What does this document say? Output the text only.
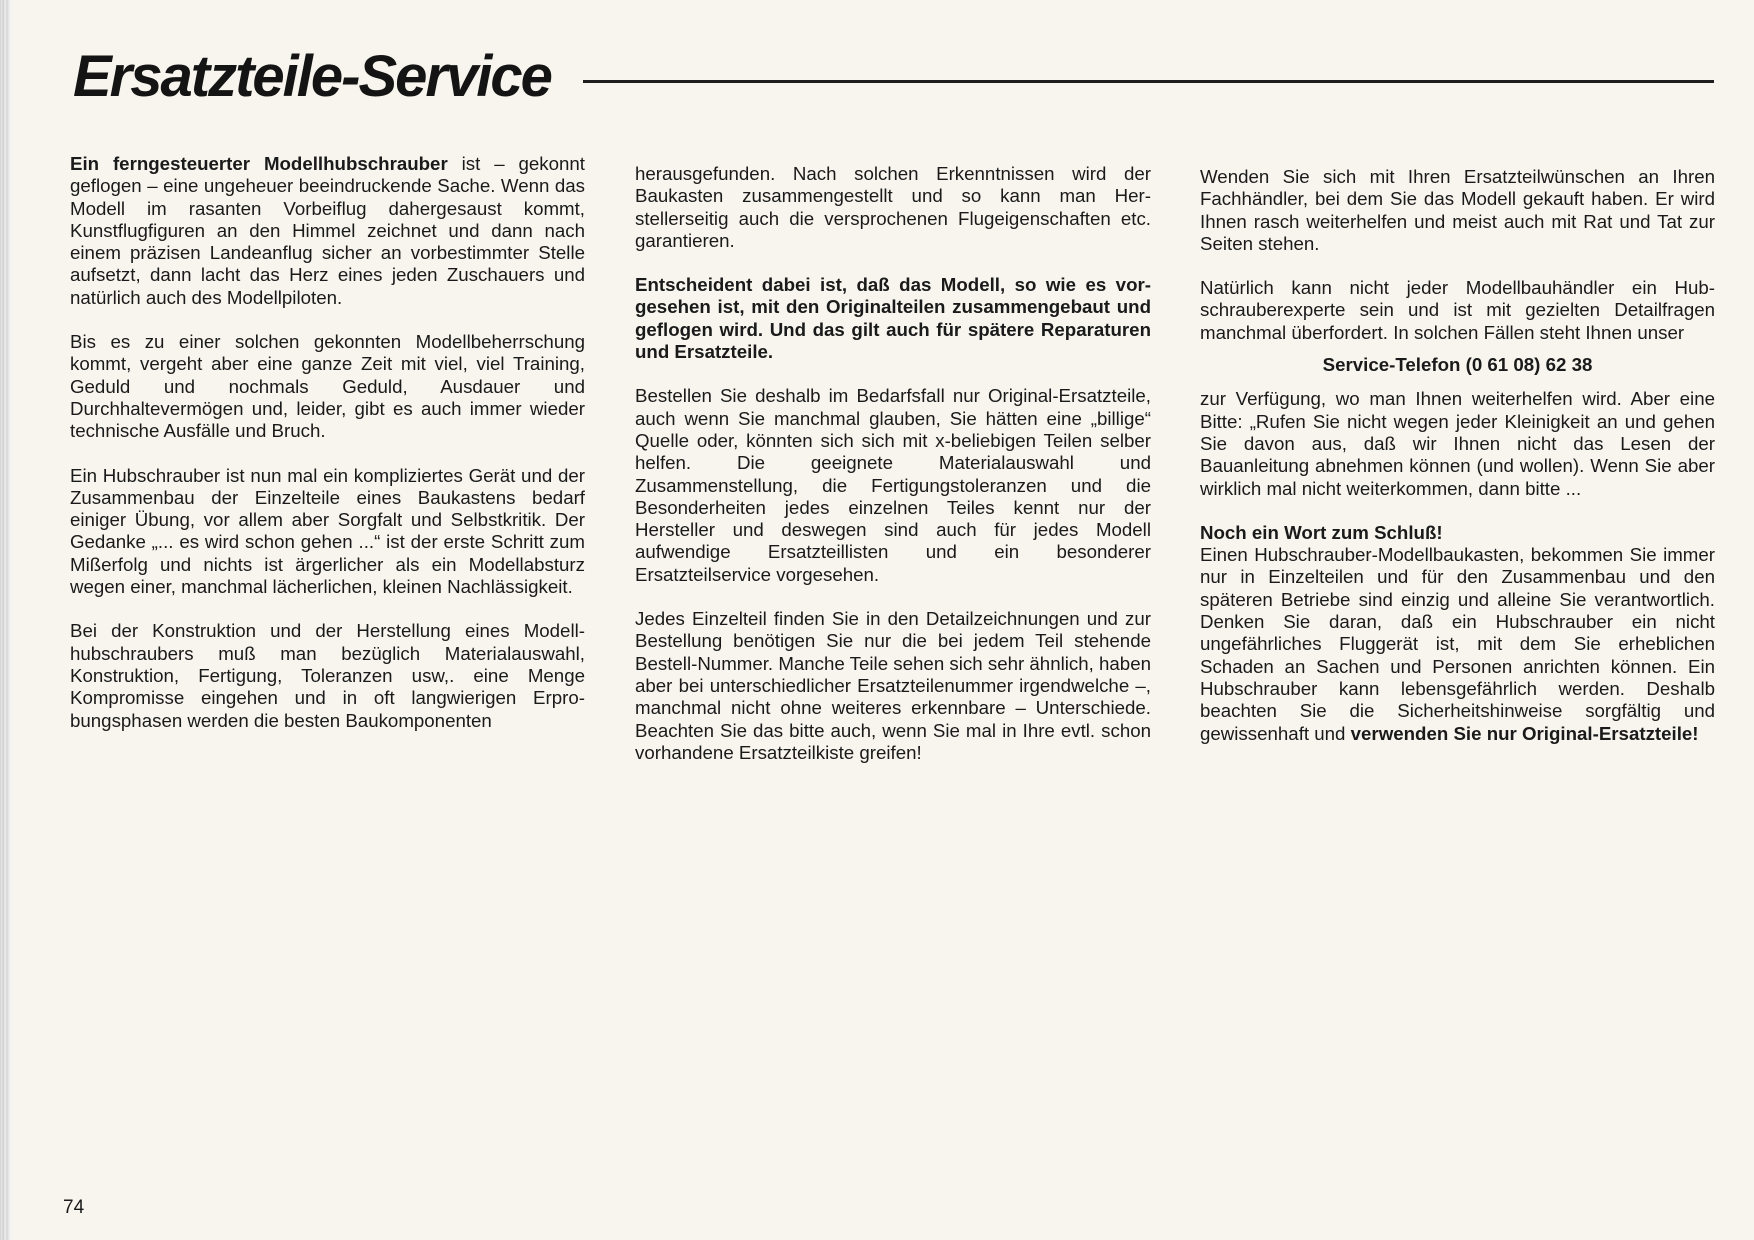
Ersatzteile-Service

Ein ferngesteuerter Modellhubschrauber ist – gekonnt geflogen – eine ungeheuer beeindruckende Sache. Wenn das Modell im rasanten Vorbeiflug dahergesaust kommt, Kunstflugfiguren an den Himmel zeichnet und dann nach einem präzisen Landeanflug sicher an vorbestimmter Stelle aufsetzt, dann lacht das Herz eines jeden Zuschauers und natürlich auch des Modellpiloten.

Bis es zu einer solchen gekonnten Modellbeherrschung kommt, vergeht aber eine ganze Zeit mit viel, viel Training, Geduld und nochmals Geduld, Ausdauer und Durchhaltevermögen und, leider, gibt es auch immer wieder technische Ausfälle und Bruch.

Ein Hubschrauber ist nun mal ein kompliziertes Gerät und der Zusammenbau der Einzelteile eines Baukastens bedarf einiger Übung, vor allem aber Sorgfalt und Selbstkritik. Der Gedanke „... es wird schon gehen ...“ ist der erste Schritt zum Mißerfolg und nichts ist ärgerlicher als ein Modellabsturz wegen einer, manchmal lächerlichen, kleinen Nachlässigkeit.

Bei der Konstruktion und der Herstellung eines Modellhubschraubers muß man bezüglich Materialauswahl, Konstruktion, Fertigung, Toleranzen usw,. eine Menge Kompromisse eingehen und in oft langwierigen Erprobungsphasen werden die besten Baukomponenten

herausgefunden. Nach solchen Erkenntnissen wird der Baukasten zusammengestellt und so kann man Herstellerseitig auch die versprochenen Flugeigenschaften etc. garantieren.

Entscheident dabei ist, daß das Modell, so wie es vorgesehen ist, mit den Originalteilen zusammengebaut und geflogen wird. Und das gilt auch für spätere Reparaturen und Ersatzteile.

Bestellen Sie deshalb im Bedarfsfall nur Original-Ersatzteile, auch wenn Sie manchmal glauben, Sie hätten eine „billige“ Quelle oder, könnten sich sich mit x-beliebigen Teilen selber helfen. Die geeignete Materialauswahl und Zusammenstellung, die Fertigungstoleranzen und die Besonderheiten jedes einzelnen Teiles kennt nur der Hersteller und deswegen sind auch für jedes Modell aufwendige Ersatzteillisten und ein besonderer Ersatzteilservice vorgesehen.

Jedes Einzelteil finden Sie in den Detailzeichnungen und zur Bestellung benötigen Sie nur die bei jedem Teil stehende Bestell-Nummer. Manche Teile sehen sich sehr ähnlich, haben aber bei unterschiedlicher Ersatzteilenummer irgendwelche –, manchmal nicht ohne weiteres erkennbare – Unterschiede. Beachten Sie das bitte auch, wenn Sie mal in Ihre evtl. schon vorhandene Ersatzteilkiste greifen!

Wenden Sie sich mit Ihren Ersatzteilwünschen an Ihren Fachhändler, bei dem Sie das Modell gekauft haben. Er wird Ihnen rasch weiterhelfen und meist auch mit Rat und Tat zur Seiten stehen.

Natürlich kann nicht jeder Modellbauhändler ein Hubschrauberexperte sein und ist mit gezielten Detailfragen manchmal überfordert. In solchen Fällen steht Ihnen unser

Service-Telefon (0 61 08) 62 38

zur Verfügung, wo man Ihnen weiterhelfen wird. Aber eine Bitte: „Rufen Sie nicht wegen jeder Kleinigkeit an und gehen Sie davon aus, daß wir Ihnen nicht das Lesen der Bauanleitung abnehmen können (und wollen). Wenn Sie aber wirklich mal nicht weiterkommen, dann bitte ...

Noch ein Wort zum Schluß!

Einen Hubschrauber-Modellbaukasten, bekommen Sie immer nur in Einzelteilen und für den Zusammenbau und den späteren Betriebe sind einzig und alleine Sie verantwortlich. Denken Sie daran, daß ein Hubschrauber ein nicht ungefährliches Fluggerät ist, mit dem Sie erheblichen Schaden an Sachen und Personen anrichten können. Ein Hubschrauber kann lebensgefährlich werden. Deshalb beachten Sie die Sicherheitshinweise sorgfältig und gewissenhaft und verwenden Sie nur Original-Ersatzteile!

74
